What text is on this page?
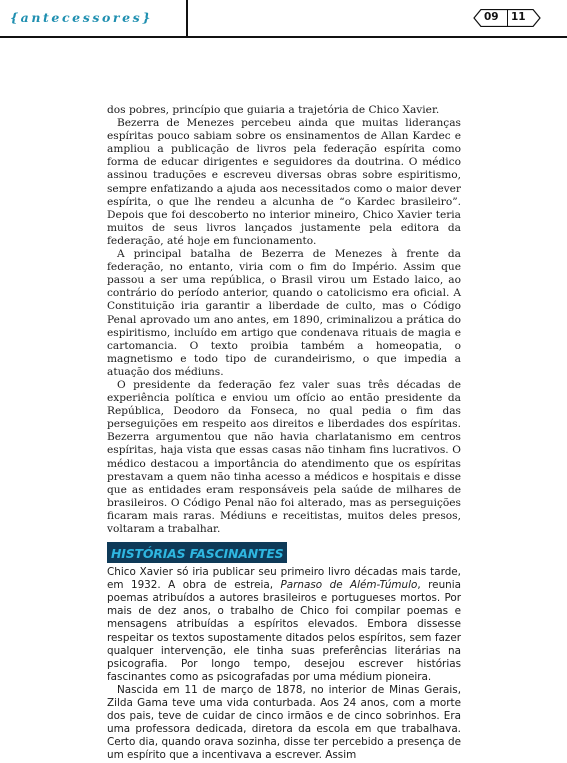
{antecessores}	09 11

dos pobres, princípio que guiaria a trajetória de Chico Xavier.

Bezerra de Menezes percebeu ainda que muitas lideranças espíritas pouco sabiam sobre os ensinamentos de Allan Kardec e ampliou a publicação de livros pela federação espírita como forma de educar dirigentes e seguidores da doutrina. O médico assinou traduções e escreveu diversas obras sobre espiritismo, sempre enfatizando a ajuda aos necessitados como o maior dever espírita, o que lhe rendeu a alcunha de “o Kardec brasileiro”. Depois que foi descoberto no interior mineiro, Chico Xavier teria muitos de seus livros lançados justamente pela editora da federação, até hoje em funcionamento.

A principal batalha de Bezerra de Menezes à frente da federação, no entanto, viria com o fim do Império. Assim que passou a ser uma república, o Brasil virou um Estado laico, ao contrário do período anterior, quando o catolicismo era oficial. A Constituição iria garantir a liberdade de culto, mas o Código Penal aprovado um ano antes, em 1890, criminalizou a prática do espiritismo, incluído em artigo que condenava rituais de magia e cartomancia. O texto proibia também a homeopatia, o magnetismo e todo tipo de curandeirismo, o que impedia a atuação dos médiuns.

O presidente da federação fez valer suas três décadas de experiência política e enviou um ofício ao então presidente da República, Deodoro da Fonseca, no qual pedia o fim das perseguições em respeito aos direitos e liberdades dos espíritas. Bezerra argumentou que não havia charlatanismo em centros espíritas, haja vista que essas casas não tinham fins lucrativos. O médico destacou a importância do atendimento que os espíritas prestavam a quem não tinha acesso a médicos e hospitais e disse que as entidades eram responsáveis pela saúde de milhares de brasileiros. O Código Penal não foi alterado, mas as perseguições ficaram mais raras. Médiuns e receitistas, muitos deles presos, voltaram a trabalhar.

HISTÓRIAS FASCINANTES

Chico Xavier só iria publicar seu primeiro livro décadas mais tarde, em 1932. A obra de estreia, Parnaso de Além-Túmulo, reunia poemas atribuídos a autores brasileiros e portugueses mortos. Por mais de dez anos, o trabalho de Chico foi compilar poemas e mensagens atribuídas a espíritos elevados. Embora dissesse respeitar os textos supostamente ditados pelos espíritos, sem fazer qualquer intervenção, ele tinha suas preferências literárias na psicografia. Por longo tempo, desejou escrever histórias fascinantes como as psicografadas por uma médium pioneira.

Nascida em 11 de março de 1878, no interior de Minas Gerais, Zilda Gama teve uma vida conturbada. Aos 24 anos, com a morte dos pais, teve de cuidar de cinco irmãos e de cinco sobrinhos. Era uma professora dedicada, diretora da escola em que trabalhava. Certo dia, quando orava sozinha, disse ter percebido a presença de um espírito que a incentivava a escrever. Assim
